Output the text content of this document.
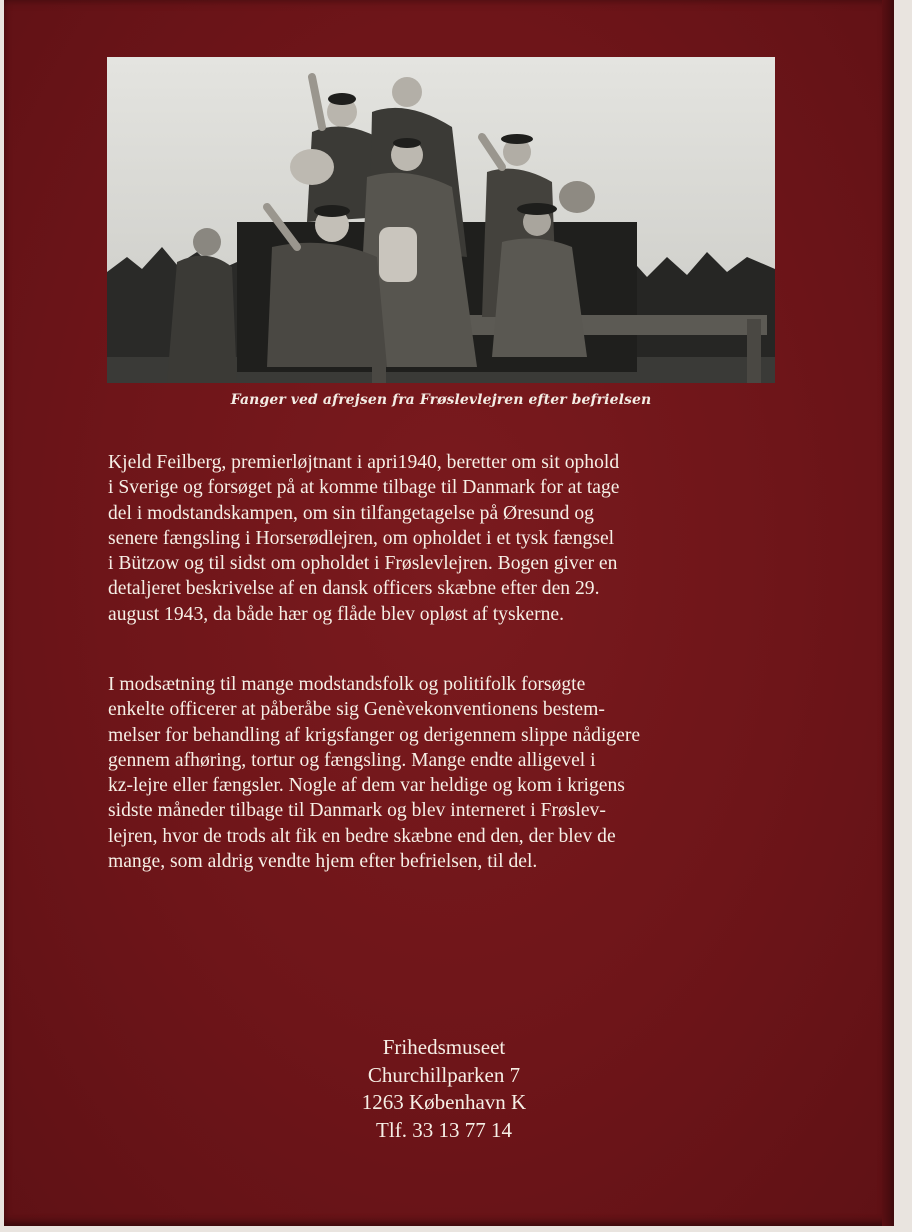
Fanger ved afrejsen fra Frøslevlejren efter befrielsen
Kjeld Feilberg, premierløjtnant i apri1940, beretter om sit ophold
i Sverige og forsøget på at komme tilbage til Danmark for at tage
del i modstandskampen, om sin tilfangetagelse på Øresund og
senere fængsling i Horserødlejren, om opholdet i et tysk fængsel
i Bützow og til sidst om opholdet i Frøslevlejren. Bogen giver en
detaljeret beskrivelse af en dansk officers skæbne efter den 29.
august 1943, da både hær og flåde blev opløst af tyskerne.
I modsætning til mange modstandsfolk og politifolk forsøgte
enkelte officerer at påberåbe sig Genèvekonventionens bestem-
melser for behandling af krigsfanger og derigennem slippe nådigere
gennem afhøring, tortur og fængsling. Mange endte alligevel i
kz-lejre eller fængsler. Nogle af dem var heldige og kom i krigens
sidste måneder tilbage til Danmark og blev interneret i Frøslev-
lejren, hvor de trods alt fik en bedre skæbne end den, der blev de
mange, som aldrig vendte hjem efter befrielsen, til del.
Frihedsmuseet
Churchillparken 7
1263 København K
Tlf. 33 13 77 14
